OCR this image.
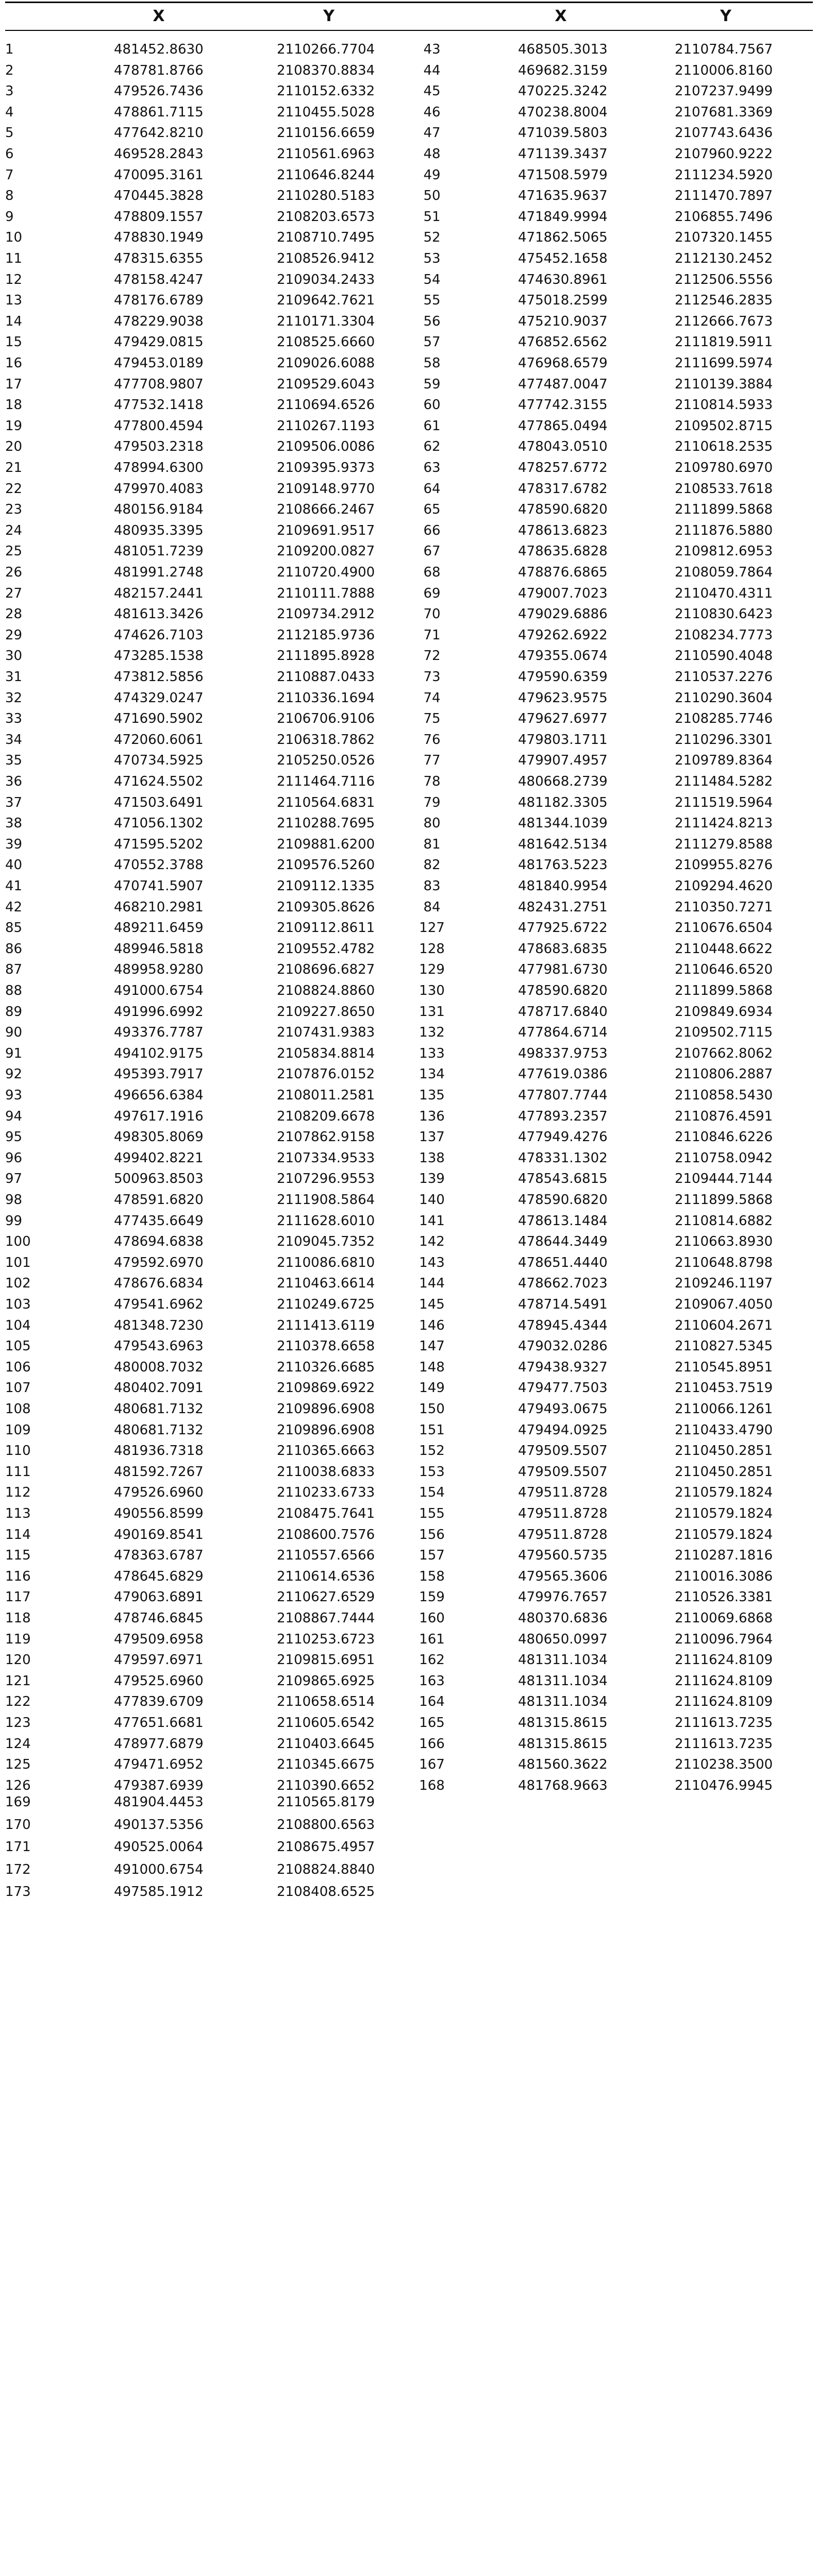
X	Y	X	Y
1	481452.8630	2110266.7704
2	478781.8766	2108370.8834
3	479526.7436	2110152.6332
4	478861.7115	2110455.5028
5	477642.8210	2110156.6659
6	469528.2843	2110561.6963
7	470095.3161	2110646.8244
8	470445.3828	2110280.5183
9	478809.1557	2108203.6573
10	478830.1949	2108710.7495
11	478315.6355	2108526.9412
12	478158.4247	2109034.2433
13	478176.6789	2109642.7621
14	478229.9038	2110171.3304
15	479429.0815	2108525.6660
16	479453.0189	2109026.6088
17	477708.9807	2109529.6043
18	477532.1418	2110694.6526
19	477800.4594	2110267.1193
20	479503.2318	2109506.0086
21	478994.6300	2109395.9373
22	479970.4083	2109148.9770
23	480156.9184	2108666.2467
24	480935.3395	2109691.9517
25	481051.7239	2109200.0827
26	481991.2748	2110720.4900
27	482157.2441	2110111.7888
28	481613.3426	2109734.2912
29	474626.7103	2112185.9736
30	473285.1538	2111895.8928
31	473812.5856	2110887.0433
32	474329.0247	2110336.1694
33	471690.5902	2106706.9106
34	472060.6061	2106318.7862
35	470734.5925	2105250.0526
36	471624.5502	2111464.7116
37	471503.6491	2110564.6831
38	471056.1302	2110288.7695
39	471595.5202	2109881.6200
40	470552.3788	2109576.5260
41	470741.5907	2109112.1335
42	468210.2981	2109305.8626
85	489211.6459	2109112.8611
86	489946.5818	2109552.4782
87	489958.9280	2108696.6827
88	491000.6754	2108824.8860
89	491996.6992	2109227.8650
90	493376.7787	2107431.9383
91	494102.9175	2105834.8814
92	495393.7917	2107876.0152
93	496656.6384	2108011.2581
94	497617.1916	2108209.6678
95	498305.8069	2107862.9158
96	499402.8221	2107334.9533
97	500963.8503	2107296.9553
98	478591.6820	2111908.5864
99	477435.6649	2111628.6010
100	478694.6838	2109045.7352
101	479592.6970	2110086.6810
102	478676.6834	2110463.6614
103	479541.6962	2110249.6725
104	481348.7230	2111413.6119
105	479543.6963	2110378.6658
106	480008.7032	2110326.6685
107	480402.7091	2109869.6922
108	480681.7132	2109896.6908
109	480681.7132	2109896.6908
110	481936.7318	2110365.6663
111	481592.7267	2110038.6833
112	479526.6960	2110233.6733
113	490556.8599	2108475.7641
114	490169.8541	2108600.7576
115	478363.6787	2110557.6566
116	478645.6829	2110614.6536
117	479063.6891	2110627.6529
118	478746.6845	2108867.7444
119	479509.6958	2110253.6723
120	479597.6971	2109815.6951
121	479525.6960	2109865.6925
122	477839.6709	2110658.6514
123	477651.6681	2110605.6542
124	478977.6879	2110403.6645
125	479471.6952	2110345.6675
126	479387.6939	2110390.6652
169	481904.4453	2110565.8179
170	490137.5356	2108800.6563
171	490525.0064	2108675.4957
172	491000.6754	2108824.8840
173	497585.1912	2108408.6525
43	468505.3013	2110784.7567
44	469682.3159	2110006.8160
45	470225.3242	2107237.9499
46	470238.8004	2107681.3369
47	471039.5803	2107743.6436
48	471139.3437	2107960.9222
49	471508.5979	2111234.5920
50	471635.9637	2111470.7897
51	471849.9994	2106855.7496
52	471862.5065	2107320.1455
53	475452.1658	2112130.2452
54	474630.8961	2112506.5556
55	475018.2599	2112546.2835
56	475210.9037	2112666.7673
57	476852.6562	2111819.5911
58	476968.6579	2111699.5974
59	477487.0047	2110139.3884
60	477742.3155	2110814.5933
61	477865.0494	2109502.8715
62	478043.0510	2110618.2535
63	478257.6772	2109780.6970
64	478317.6782	2108533.7618
65	478590.6820	2111899.5868
66	478613.6823	2111876.5880
67	478635.6828	2109812.6953
68	478876.6865	2108059.7864
69	479007.7023	2110470.4311
70	479029.6886	2110830.6423
71	479262.6922	2108234.7773
72	479355.0674	2110590.4048
73	479590.6359	2110537.2276
74	479623.9575	2110290.3604
75	479627.6977	2108285.7746
76	479803.1711	2110296.3301
77	479907.4957	2109789.8364
78	480668.2739	2111484.5282
79	481182.3305	2111519.5964
80	481344.1039	2111424.8213
81	481642.5134	2111279.8588
82	481763.5223	2109955.8276
83	481840.9954	2109294.4620
84	482431.2751	2110350.7271
127	477925.6722	2110676.6504
128	478683.6835	2110448.6622
129	477981.6730	2110646.6520
130	478590.6820	2111899.5868
131	478717.6840	2109849.6934
132	477864.6714	2109502.7115
133	498337.9753	2107662.8062
134	477619.0386	2110806.2887
135	477807.7744	2110858.5430
136	477893.2357	2110876.4591
137	477949.4276	2110846.6226
138	478331.1302	2110758.0942
139	478543.6815	2109444.7144
140	478590.6820	2111899.5868
141	478613.1484	2110814.6882
142	478644.3449	2110663.8930
143	478651.4440	2110648.8798
144	478662.7023	2109246.1197
145	478714.5491	2109067.4050
146	478945.4344	2110604.2671
147	479032.0286	2110827.5345
148	479438.9327	2110545.8951
149	479477.7503	2110453.7519
150	479493.0675	2110066.1261
151	479494.0925	2110433.4790
152	479509.5507	2110450.2851
153	479509.5507	2110450.2851
154	479511.8728	2110579.1824
155	479511.8728	2110579.1824
156	479511.8728	2110579.1824
157	479560.5735	2110287.1816
158	479565.3606	2110016.3086
159	479976.7657	2110526.3381
160	480370.6836	2110069.6868
161	480650.0997	2110096.7964
162	481311.1034	2111624.8109
163	481311.1034	2111624.8109
164	481311.1034	2111624.8109
165	481315.8615	2111613.7235
166	481315.8615	2111613.7235
167	481560.3622	2110238.3500
168	481768.9663	2110476.9945
